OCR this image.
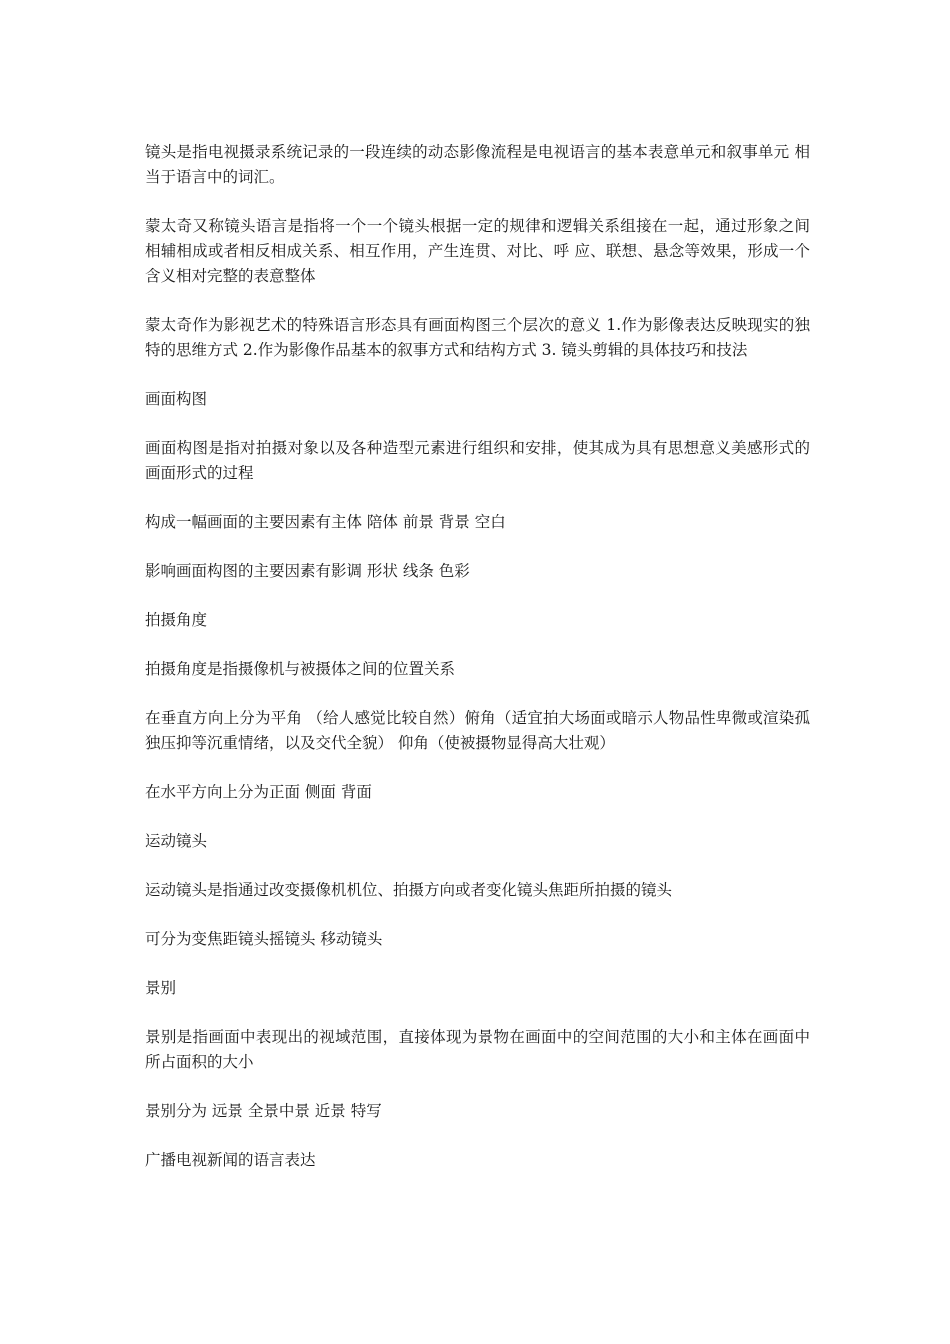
镜头是指电视摄录系统记录的一段连续的动态影像流程是电视语言的基本表意单元和叙事单元 相当于语言中的词汇。

蒙太奇又称镜头语言是指将一个一个镜头根据一定的规律和逻辑关系组接在一起，通过形象之间相辅相成或者相反相成关系、相互作用，产生连贯、对比、呼 应、联想、悬念等效果，形成一个含义相对完整的表意整体

蒙太奇作为影视艺术的特殊语言形态具有画面构图三个层次的意义 1.作为影像表达反映现实的独特的思维方式 2.作为影像作品基本的叙事方式和结构方式 3. 镜头剪辑的具体技巧和技法

画面构图

画面构图是指对拍摄对象以及各种造型元素进行组织和安排，使其成为具有思想意义美感形式的画面形式的过程

构成一幅画面的主要因素有主体 陪体 前景 背景 空白

影响画面构图的主要因素有影调 形状 线条 色彩

拍摄角度

拍摄角度是指摄像机与被摄体之间的位置关系

在垂直方向上分为平角 （给人感觉比较自然）俯角（适宜拍大场面或暗示人物品性卑微或渲染孤独压抑等沉重情绪，以及交代全貌） 仰角（使被摄物显得高大壮观）

在水平方向上分为正面 侧面 背面

运动镜头

运动镜头是指通过改变摄像机机位、拍摄方向或者变化镜头焦距所拍摄的镜头

可分为变焦距镜头摇镜头 移动镜头

景别

景别是指画面中表现出的视域范围，直接体现为景物在画面中的空间范围的大小和主体在画面中所占面积的大小

景别分为 远景 全景中景 近景 特写

广播电视新闻的语言表达
